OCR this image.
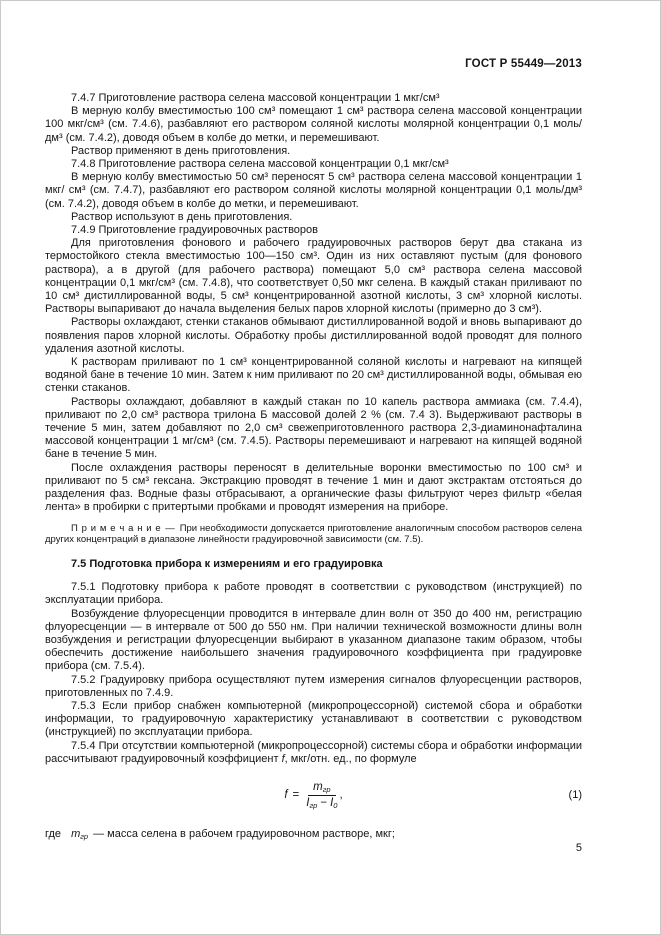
ГОСТ Р 55449—2013

7.4.7 Приготовление раствора селена массовой концентрации 1 мкг/см³

В мерную колбу вместимостью 100 см³ помещают 1 см³ раствора селена массовой концентрации 100 мкг/см³ (см. 7.4.6), разбавляют его раствором соляной кислоты молярной концентрации 0,1 моль/дм³ (см. 7.4.2), доводя объем в колбе до метки, и перемешивают.

Раствор применяют в день приготовления.

7.4.8 Приготовление раствора селена массовой концентрации 0,1 мкг/см³

В мерную колбу вместимостью 50 см³ переносят 5 см³ раствора селена массовой концентрации 1 мкг/ см³ (см. 7.4.7), разбавляют его раствором соляной кислоты молярной концентрации 0,1 моль/дм³ (см. 7.4.2), доводя объем в колбе до метки, и перемешивают.

Раствор используют в день приготовления.

7.4.9 Приготовление градуировочных растворов

Для приготовления фонового и рабочего градуировочных растворов берут два стакана из термостойкого стекла вместимостью 100—150 см³. Один из них оставляют пустым (для фонового раствора), а в другой (для рабочего раствора) помещают 5,0 см³ раствора селена массовой концентрации 0,1 мкг/см³ (см. 7.4.8), что соответствует 0,50 мкг селена. В каждый стакан приливают по 10 см³ дистиллированной воды, 5 см³ концентрированной азотной кислоты, 3 см³ хлорной кислоты. Растворы выпаривают до начала выделения белых паров хлорной кислоты (примерно до 3 см³).

Растворы охлаждают, стенки стаканов обмывают дистиллированной водой и вновь выпаривают до появления паров хлорной кислоты. Обработку пробы дистиллированной водой проводят для полного удаления азотной кислоты.

К растворам приливают по 1 см³ концентрированной соляной кислоты и нагревают на кипящей водяной бане в течение 10 мин. Затем к ним приливают по 20 см³ дистиллированной воды, обмывая ею стенки стаканов.

Растворы охлаждают, добавляют в каждый стакан по 10 капель раствора аммиака (см. 7.4.4), приливают по 2,0 см³ раствора трилона Б массовой долей 2 % (см. 7.4 3). Выдерживают растворы в течение 5 мин, затем добавляют по 2,0 см³ свежеприготовленного раствора 2,3-диаминонафталина массовой концентрации 1 мг/см³ (см. 7.4.5). Растворы перемешивают и нагревают на кипящей водяной бане в течение 5 мин.

После охлаждения растворы переносят в делительные воронки вместимостью по 100 см³ и приливают по 5 см³ гексана. Экстракцию проводят в течение 1 мин и дают экстрактам отстояться до разделения фаз. Водные фазы отбрасывают, а органические фазы фильтруют через фильтр «белая лента» в пробирки с притертыми пробками и проводят измерения на приборе.

П р и м е ч а н и е — При необходимости допускается приготовление аналогичным способом растворов селена других концентраций в диапазоне линейности градуировочной зависимости (см. 7.5).

7.5 Подготовка прибора к измерениям и его градуировка

7.5.1 Подготовку прибора к работе проводят в соответствии с руководством (инструкцией) по эксплуатации прибора.

Возбуждение флуоресценции проводится в интервале длин волн от 350 до 400 нм, регистрацию флуоресценции — в интервале от 500 до 550 нм. При наличии технической возможности длины волн возбуждения и регистрации флуоресценции выбирают в указанном диапазоне таким образом, чтобы обеспечить достижение наибольшего значения градуировочного коэффициента при градуировке прибора (см. 7.5.4).

7.5.2 Градуировку прибора осуществляют путем измерения сигналов флуоресценции растворов, приготовленных по 7.4.9.

7.5.3 Если прибор снабжен компьютерной (микропроцессорной) системой сбора и обработки информации, то градуировочную характеристику устанавливают в соответствии с руководством (инструкцией) по эксплуатации прибора.

7.5.4 При отсутствии компьютерной (микропроцессорной) системы сбора и обработки информации рассчитывают градуировочный коэффициент f, мкг/отн. ед., по формуле

$f = \frac{m_{гр}}{I_{гр} - I_0}$ ,	(1)

где $m_{гр}$ — масса селена в рабочем градуировочном растворе, мкг;

5
